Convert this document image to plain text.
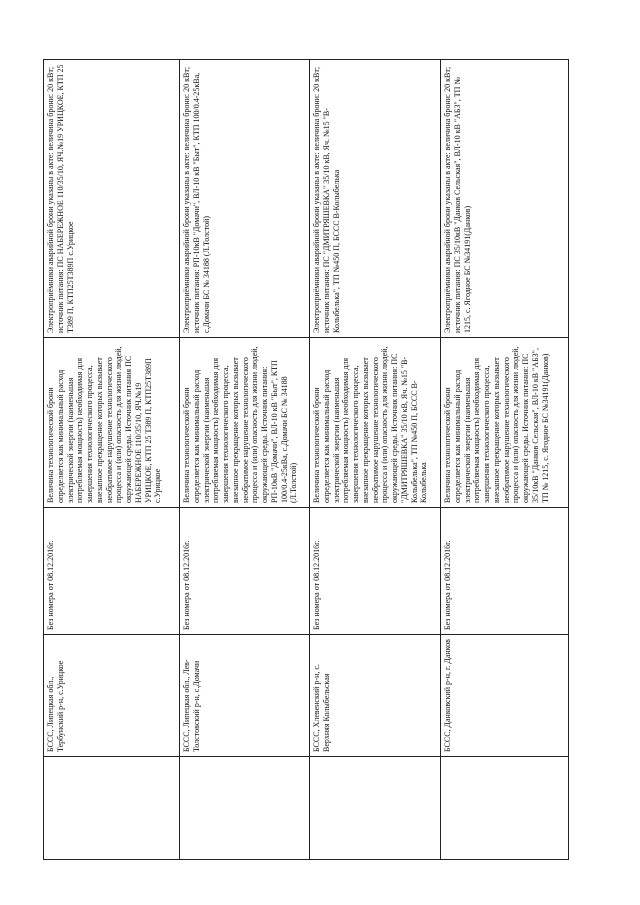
	БССС, Липецкая обл., Тербунский р-н, с.Урицкое	Без номера от 08.12.2016г.	Величина технологической брони определяется как минимальный расход электрической энергии (наименьшая потребляемая мощность) необходимая для завершения технологического процесса, внезапное прекращение которых вызывает необратимое нарушение технологического процесса и (или) опасность для жизни людей, окружающей среды. Источник питания ПС НАБЕРЕЖНОЕ 110/35/10, ЯЧ.№19 УРИЦКОЕ, КТП 25 Т389 П, КТП25Т389П с.Урицкое	Электроприёмники аварийной брони указаны в акте: величина брони: 20 кВт; источник питания: ПС НАБЕРЕЖНОЕ 110/35/10, ЯЧ.№19 УРИЦКОЕ, КТП 25 Т389 П, КТП25Т389П с.Урицкое
	БССС, Липецкая обл., Лев-Толстовский р-н, с.Домачи	Без номера от 08.12.2016г.	Величина технологической брони определяется как минимальный расход электрической энергии (наименьшая потребляемая мощность) необходимая для завершения технологического процесса, внезапное прекращение которых вызывает необратимое нарушение технологического процесса и (или) опасность для жизни людей, окружающей среды. Источник питания: РП-10кВ "Домачи", ВЛ-10 кВ "Быт", КТП 100/0.4-25кВа, с.Домачи БС № 34188 (Л.Толстой)	Электроприёмники аварийной брони указаны в акте: величина брони: 20 кВт; источник питания: РП-10кВ "Домачи", ВЛ-10 кВ "Быт", КТП 100/0.4-25кВа, с.Домачи БС № 34188 (Л.Толстой)
	БССС, Хлевенский р-н, с. Верхняя Колыбельская	Без номера от 08.12.2016г.	Величина технологической брони определяется как минимальный расход электрической энергии (наименьшая потребляемая мощность) необходимая для завершения технологического процесса, внезапное прекращение которых вызывает необратимое нарушение технологического процесса и (или) опасность для жизни людей, окружающей среды. Источник питания: ПС "ДМИТРЯШЕВКА" 35/10 кВ, Яч. №15 "В-Колыбелька", ТП №450 П, БССС В-Колыбелька	Электроприёмники аварийной брони указаны в акте: величина брони: 20 кВт; источник питания: ПС "ДМИТРЯШЕВКА" 35/10 кВ, Яч. №15 "В-Колыбелька", ТП №450 П, БССС В-Колыбелька
	БССС, Данковский р-н, г. Данков	Без номера от 08.12.2016г.	Величина технологической брони определяется как минимальный расход электрической энергии (наименьшая потребляемая мощность) необходимая для завершения технологического процесса, внезапное прекращение которых вызывает необратимое нарушение технологического процесса и (или) опасность для жизни людей, окружающей среды. Источник питания: ПС 35/10кВ "Данков Сельская", ВЛ-10 кВ "АБЗ", ТП № 1215, с. Ягодное БС №34191(Данков)	Электроприёмники аварийной брони указаны в акте: величина брони: 20 кВт; источник питания: ПС 35/10кВ "Данков Сельская", ВЛ-10 кВ "АБЗ", ТП № 1215, с. Ягодное БС №34191(Данков)
